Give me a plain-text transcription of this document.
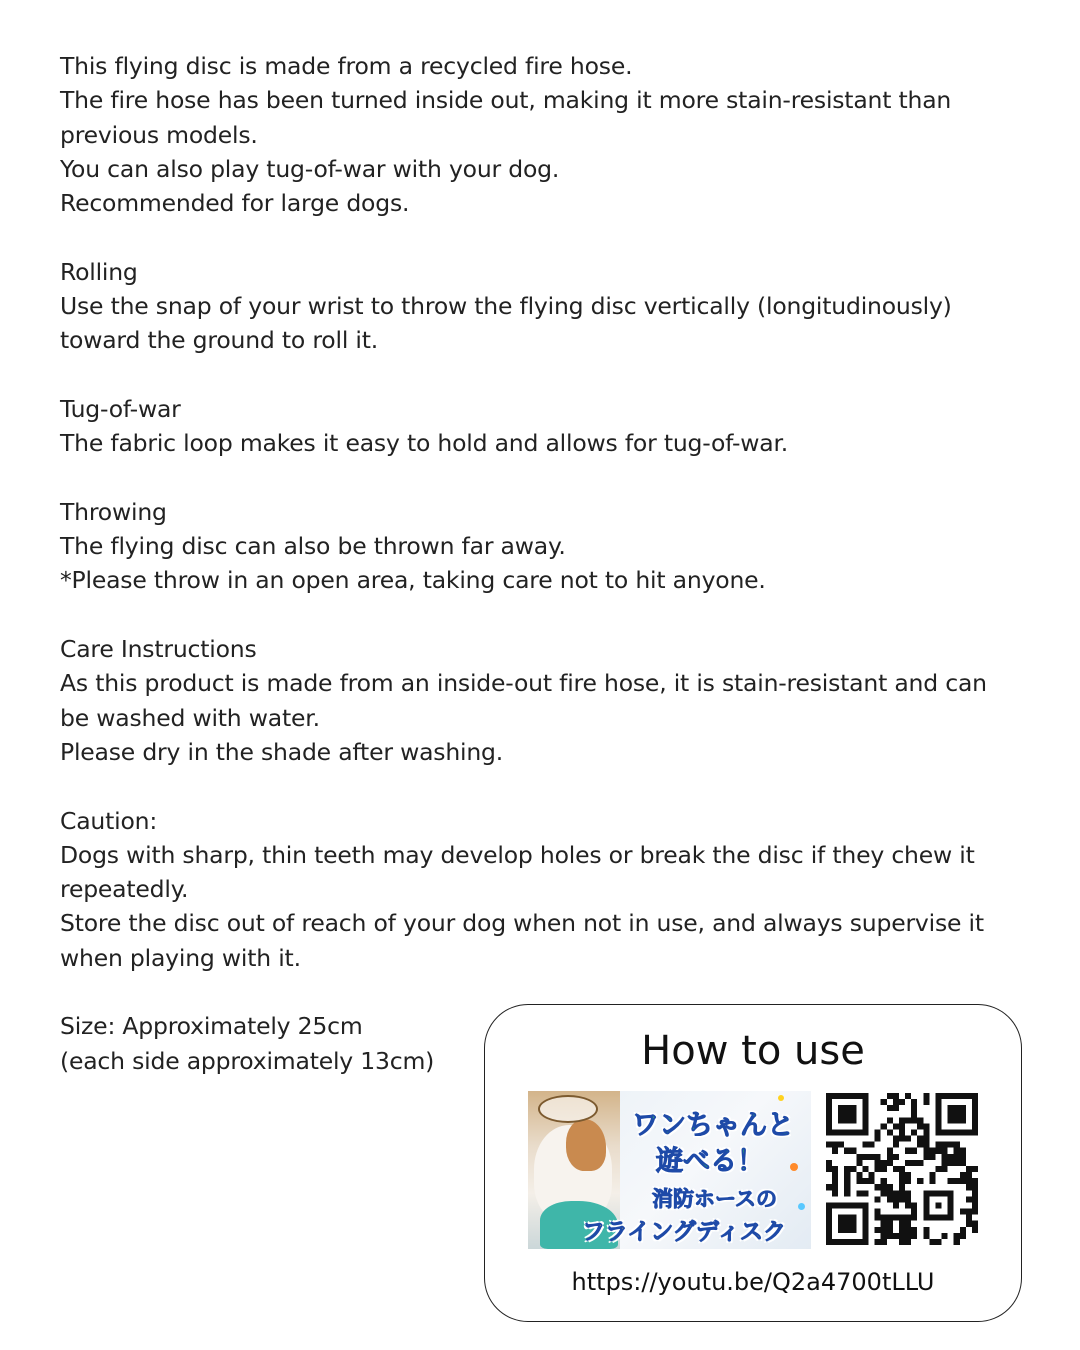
This flying disc is made from a recycled fire hose.
The fire hose has been turned inside out, making it more stain-resistant than previous models.
You can also play tug-of-war with your dog.
Recommended for large dogs.

Rolling
Use the snap of your wrist to throw the flying disc vertically (longitudinously) toward the ground to roll it.

Tug-of-war
The fabric loop makes it easy to hold and allows for tug-of-war.

Throwing
The flying disc can also be thrown far away.
*Please throw in an open area, taking care not to hit anyone.

Care Instructions
As this product is made from an inside-out fire hose, it is stain-resistant and can be washed with water.
Please dry in the shade after washing.

Caution:
Dogs with sharp, thin teeth may develop holes or break the disc if they chew it repeatedly.
Store the disc out of reach of your dog when not in use, and always supervise it when playing with it.

Size: Approximately 25cm
(each side approximately 13cm)	How to use
ワンちゃんと
遊べる！
消防ホースの
フライングディスク
https://youtu.be/Q2a4700tLLU
